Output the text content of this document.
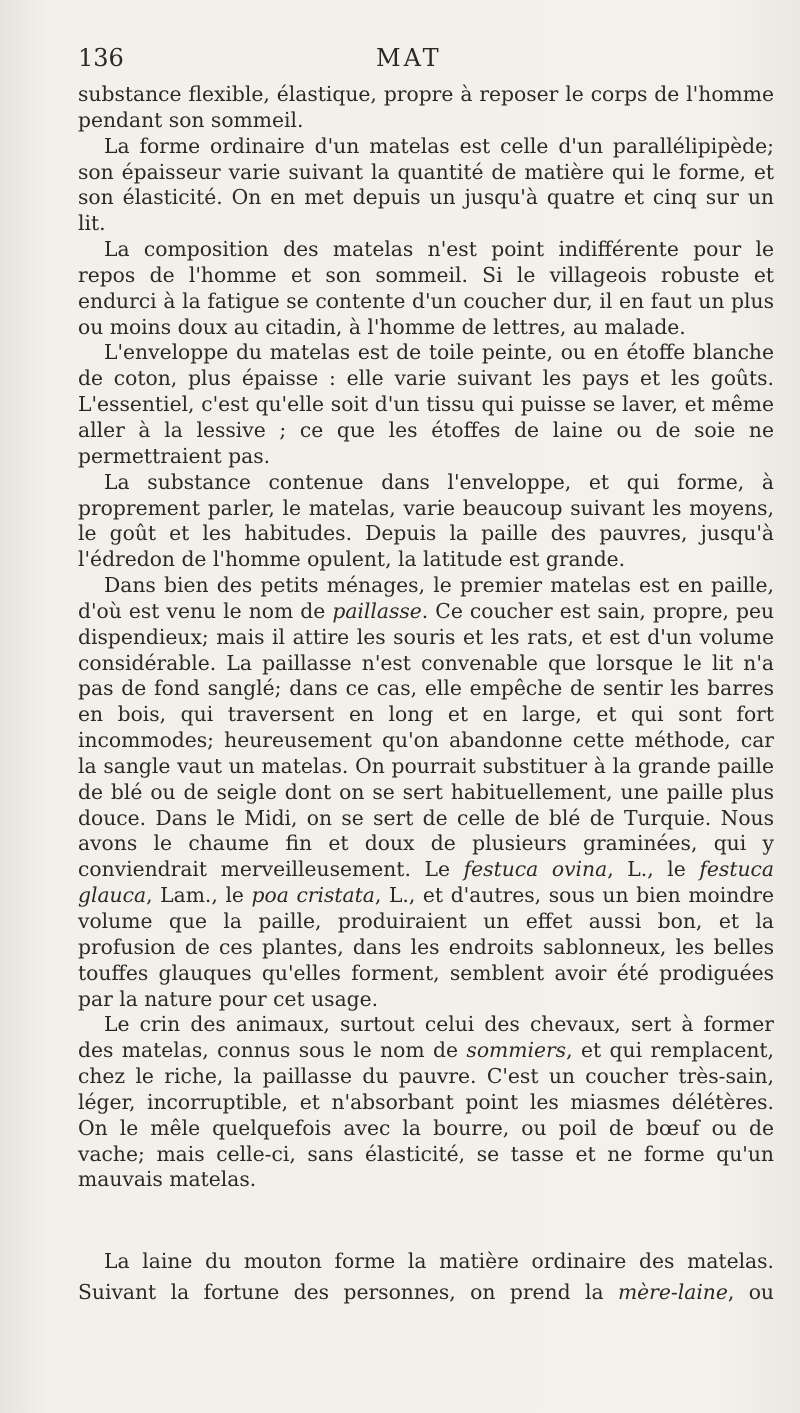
136	MAT

substance flexible, élastique, propre à reposer le corps de l'homme pendant son sommeil.

La forme ordinaire d'un matelas est celle d'un parallélipipède; son épaisseur varie suivant la quantité de matière qui le forme, et son élasticité. On en met depuis un jusqu'à quatre et cinq sur un lit.

La composition des matelas n'est point indifférente pour le repos de l'homme et son sommeil. Si le villageois robuste et endurci à la fatigue se contente d'un coucher dur, il en faut un plus ou moins doux au citadin, à l'homme de lettres, au malade.

L'enveloppe du matelas est de toile peinte, ou en étoffe blanche de coton, plus épaisse : elle varie suivant les pays et les goûts. L'essentiel, c'est qu'elle soit d'un tissu qui puisse se laver, et même aller à la lessive ; ce que les étoffes de laine ou de soie ne permettraient pas.

La substance contenue dans l'enveloppe, et qui forme, à proprement parler, le matelas, varie beaucoup suivant les moyens, le goût et les habitudes. Depuis la paille des pauvres, jusqu'à l'édredon de l'homme opulent, la latitude est grande.

Dans bien des petits ménages, le premier matelas est en paille, d'où est venu le nom de paillasse. Ce coucher est sain, propre, peu dispendieux; mais il attire les souris et les rats, et est d'un volume considérable. La paillasse n'est convenable que lorsque le lit n'a pas de fond sanglé; dans ce cas, elle empêche de sentir les barres en bois, qui traversent en long et en large, et qui sont fort incommodes; heureusement qu'on abandonne cette méthode, car la sangle vaut un matelas. On pourrait substituer à la grande paille de blé ou de seigle dont on se sert habituellement, une paille plus douce. Dans le Midi, on se sert de celle de blé de Turquie. Nous avons le chaume fin et doux de plusieurs graminées, qui y conviendrait merveilleusement. Le festuca ovina, L., le festuca glauca, Lam., le poa cristata, L., et d'autres, sous un bien moindre volume que la paille, produiraient un effet aussi bon, et la profusion de ces plantes, dans les endroits sablonneux, les belles touffes glauques qu'elles forment, semblent avoir été prodiguées par la nature pour cet usage.

Le crin des animaux, surtout celui des chevaux, sert à former des matelas, connus sous le nom de sommiers, et qui remplacent, chez le riche, la paillasse du pauvre. C'est un coucher très-sain, léger, incorruptible, et n'absorbant point les miasmes délétères. On le mêle quelquefois avec la bourre, ou poil de bœuf ou de vache; mais celle-ci, sans élasticité, se tasse et ne forme qu'un mauvais matelas.

La laine du mouton forme la matière ordinaire des matelas.
Suivant la fortune des personnes, on prend la mère-laine, ou
